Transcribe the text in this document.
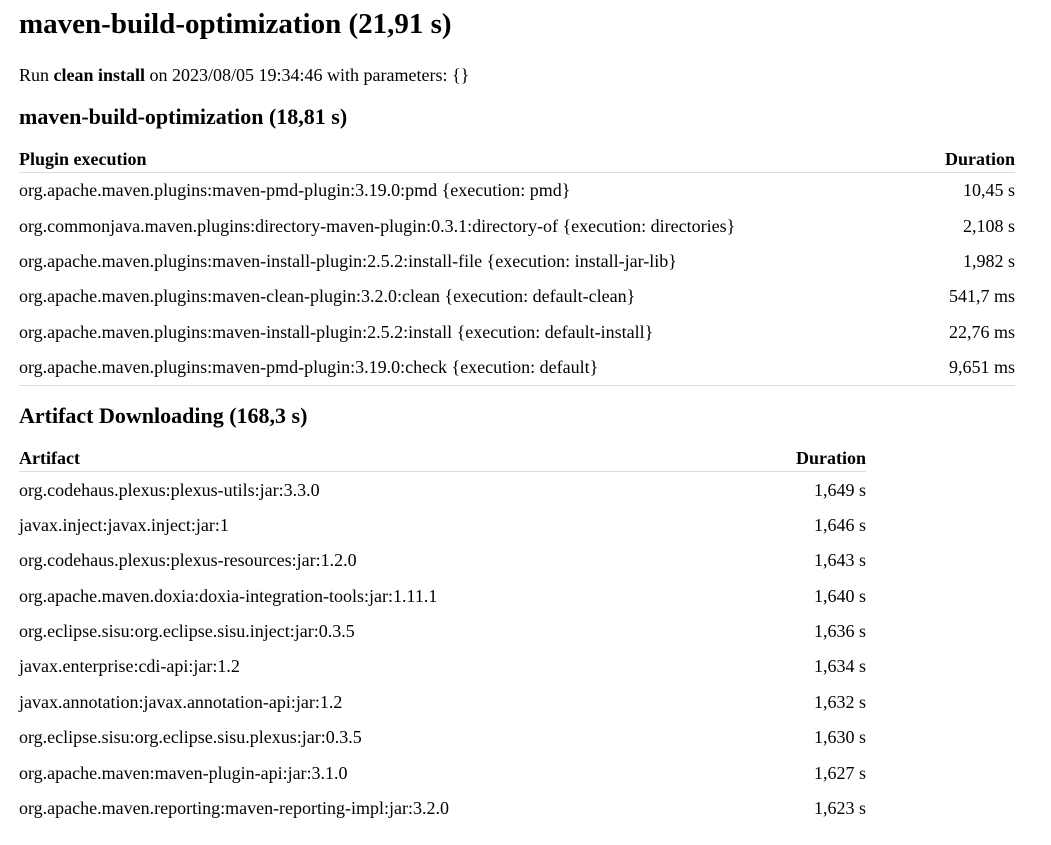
maven-build-optimization (21,91 s)

Run clean install on 2023/08/05 19:34:46 with parameters: {}

maven-build-optimization (18,81 s)
Plugin execution	Duration
org.apache.maven.plugins:maven-pmd-plugin:3.19.0:pmd {execution: pmd}	10,45 s
org.commonjava.maven.plugins:directory-maven-plugin:0.3.1:directory-of {execution: directories}	2,108 s
org.apache.maven.plugins:maven-install-plugin:2.5.2:install-file {execution: install-jar-lib}	1,982 s
org.apache.maven.plugins:maven-clean-plugin:3.2.0:clean {execution: default-clean}	541,7 ms
org.apache.maven.plugins:maven-install-plugin:2.5.2:install {execution: default-install}	22,76 ms
org.apache.maven.plugins:maven-pmd-plugin:3.19.0:check {execution: default}	9,651 ms
Artifact Downloading (168,3 s)
Artifact	Duration
org.codehaus.plexus:plexus-utils:jar:3.3.0	1,649 s
javax.inject:javax.inject:jar:1	1,646 s
org.codehaus.plexus:plexus-resources:jar:1.2.0	1,643 s
org.apache.maven.doxia:doxia-integration-tools:jar:1.11.1	1,640 s
org.eclipse.sisu:org.eclipse.sisu.inject:jar:0.3.5	1,636 s
javax.enterprise:cdi-api:jar:1.2	1,634 s
javax.annotation:javax.annotation-api:jar:1.2	1,632 s
org.eclipse.sisu:org.eclipse.sisu.plexus:jar:0.3.5	1,630 s
org.apache.maven:maven-plugin-api:jar:3.1.0	1,627 s
org.apache.maven.reporting:maven-reporting-impl:jar:3.2.0	1,623 s
